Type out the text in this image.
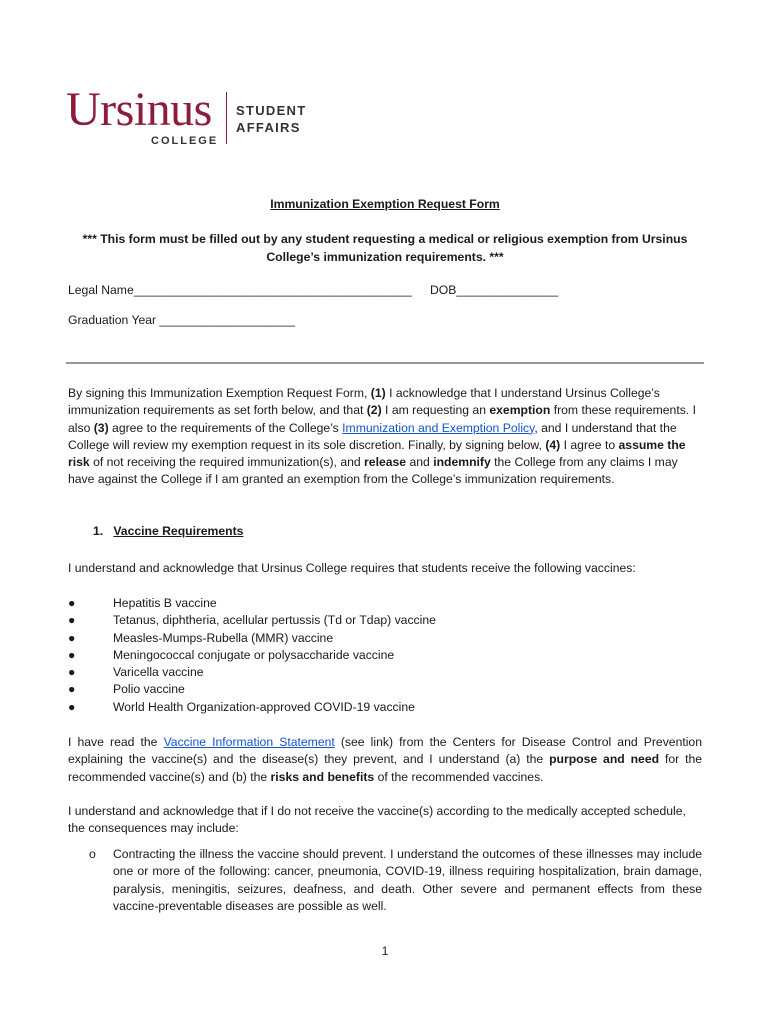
Ursinus
COLLEGE
STUDENT
AFFAIRS
Immunization Exemption Request Form
*** This form must be filled out by any student requesting a medical or religious exemption from Ursinus
College’s immunization requirements. ***
Legal Name_________________________________________ DOB_______________
Graduation Year ____________________
By signing this Immunization Exemption Request Form, (1) I acknowledge that I understand Ursinus College’s immunization requirements as set forth below, and that (2) I am requesting an exemption from these requirements. I also (3) agree to the requirements of the College’s Immunization and Exemption Policy, and I understand that the College will review my exemption request in its sole discretion. Finally, by signing below, (4) I agree to assume the risk of not receiving the required immunization(s), and release and indemnify the College from any claims I may have against the College if I am granted an exemption from the College’s immunization requirements.
1. Vaccine Requirements
I understand and acknowledge that Ursinus College requires that students receive the following vaccines:
●	Hepatitis B vaccine
●	Tetanus, diphtheria, acellular pertussis (Td or Tdap) vaccine
●	Measles-Mumps-Rubella (MMR) vaccine
●	Meningococcal conjugate or polysaccharide vaccine
●	Varicella vaccine
●	Polio vaccine
●	World Health Organization-approved COVID-19 vaccine
I have read the Vaccine Information Statement (see link) from the Centers for Disease Control and Prevention explaining the vaccine(s) and the disease(s) they prevent, and I understand (a) the purpose and need for the recommended vaccine(s) and (b) the risks and benefits of the recommended vaccines.
I understand and acknowledge that if I do not receive the vaccine(s) according to the medically accepted schedule, the consequences may include:
o Contracting the illness the vaccine should prevent. I understand the outcomes of these illnesses may include one or more of the following: cancer, pneumonia, COVID-19, illness requiring hospitalization, brain damage, paralysis, meningitis, seizures, deafness, and death. Other severe and permanent effects from these vaccine-preventable diseases are possible as well.
1
